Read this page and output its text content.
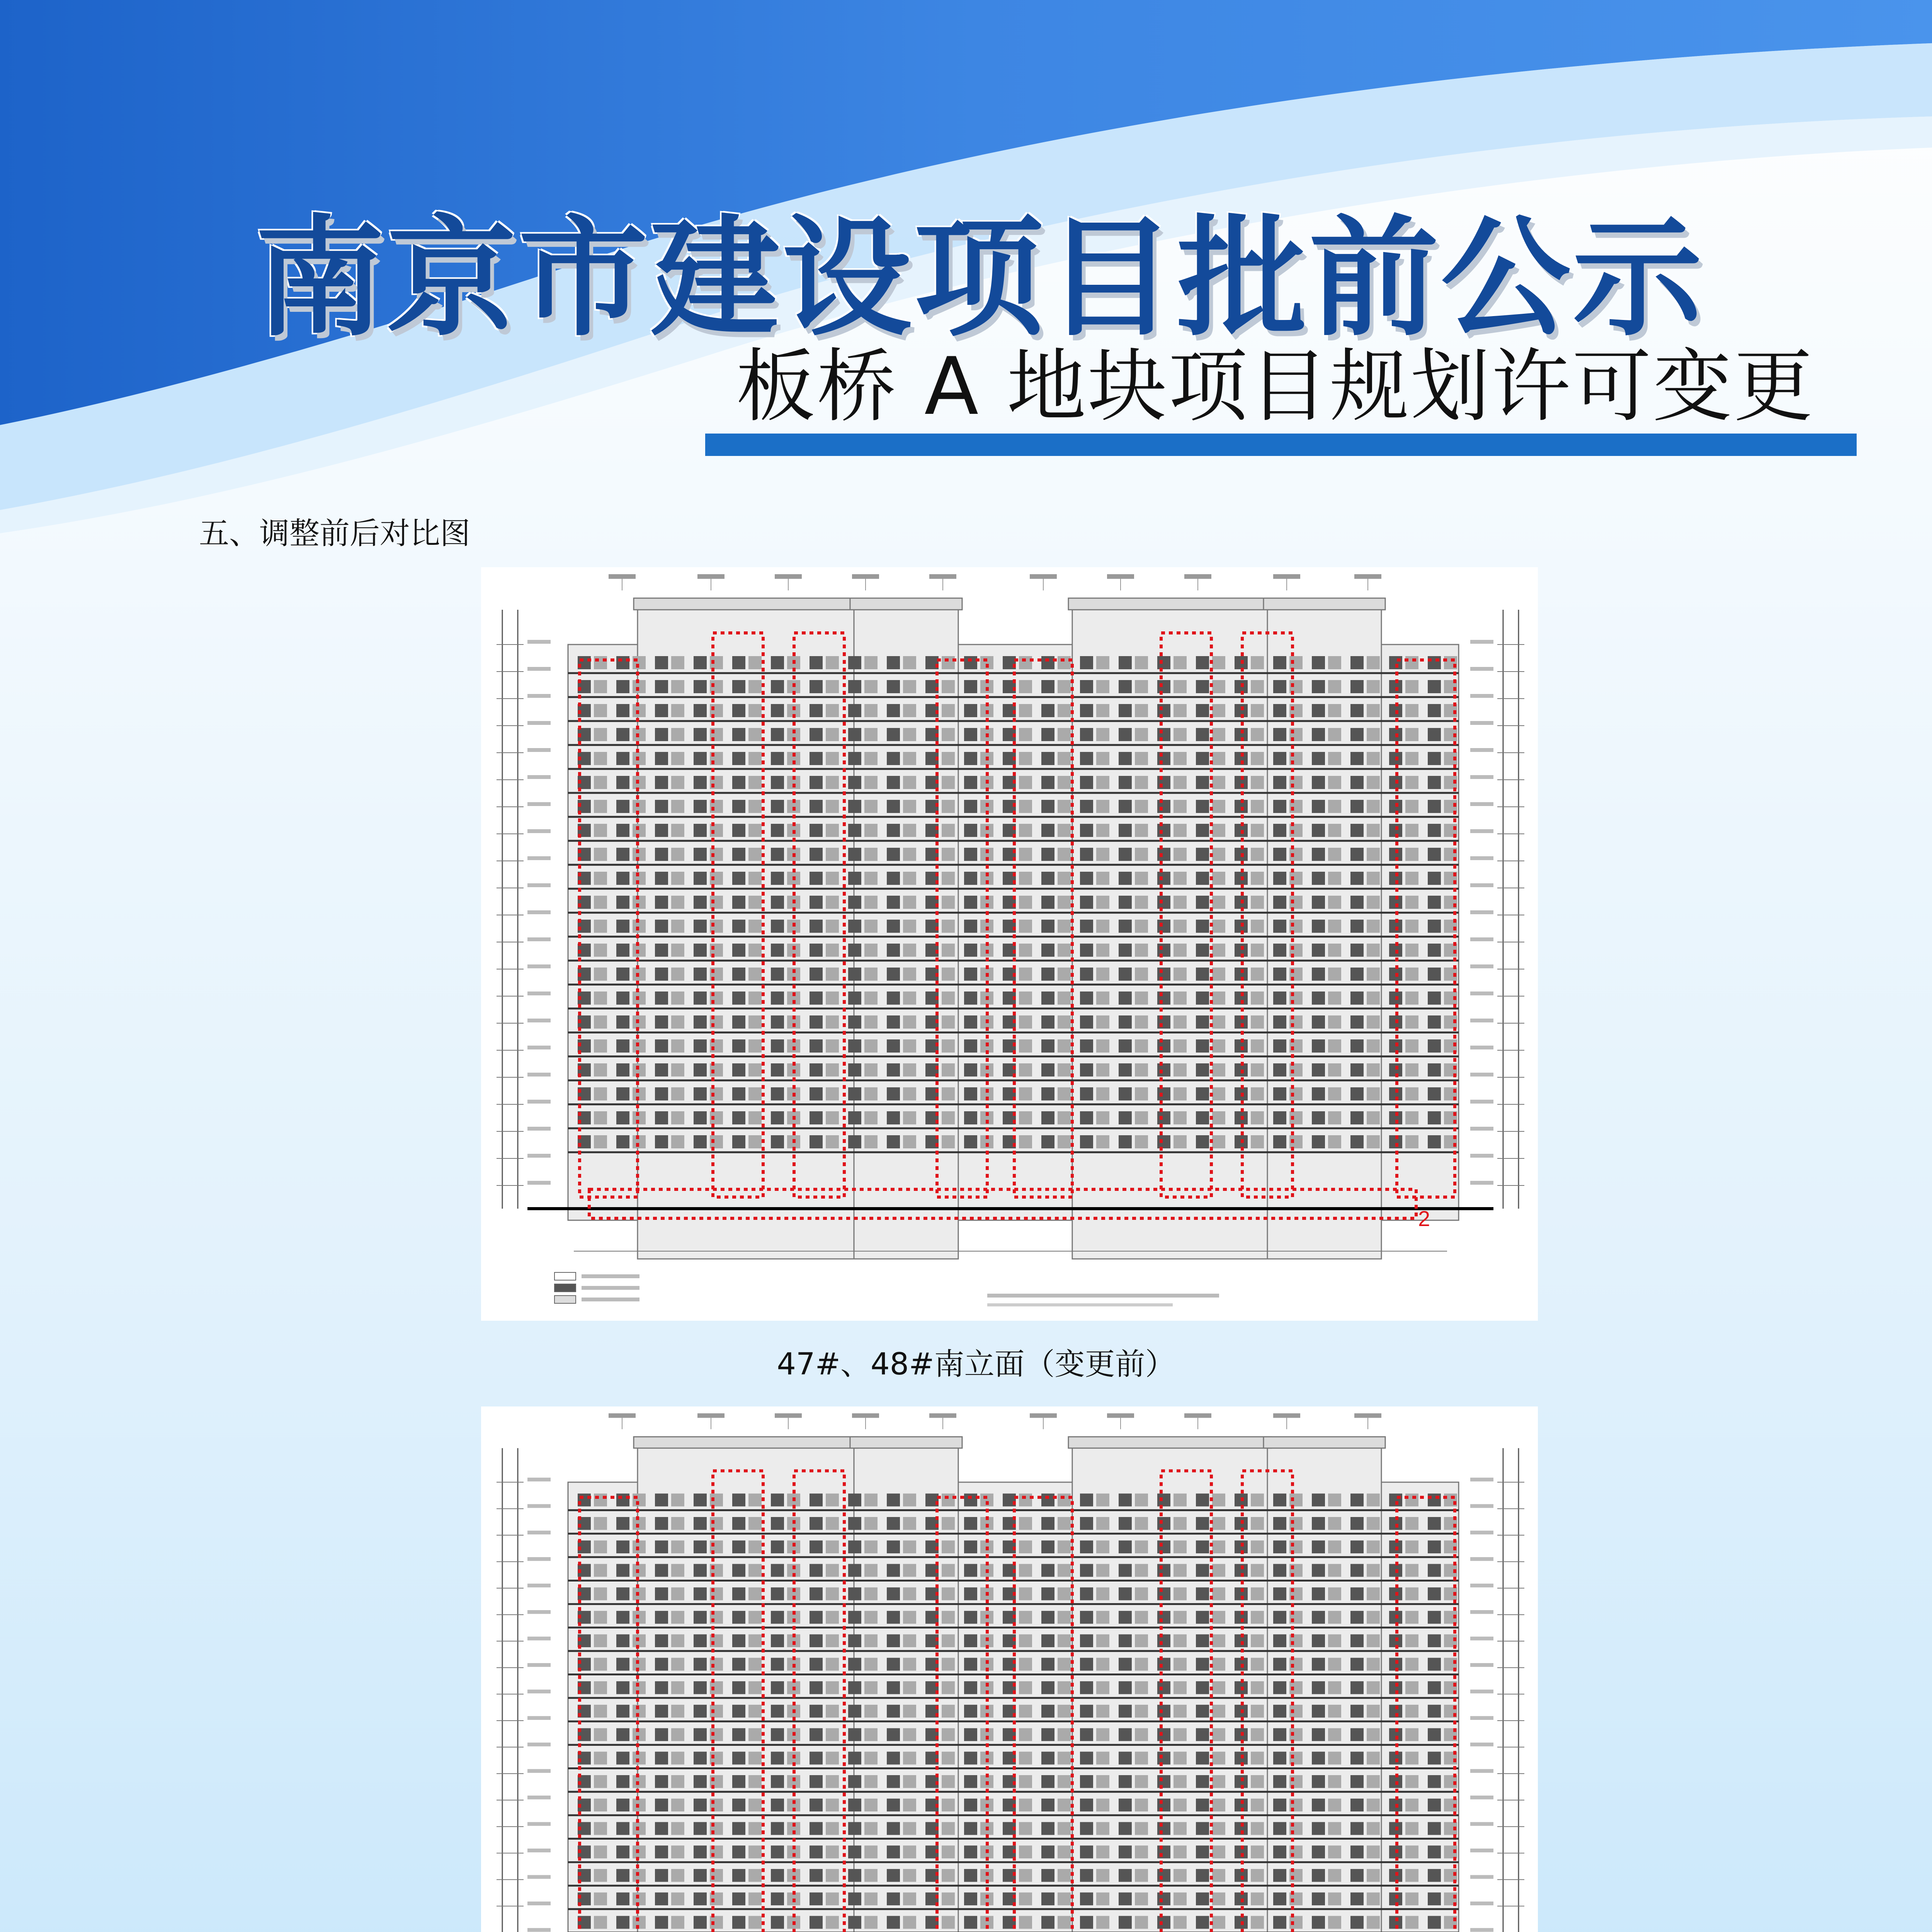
南京市建设项目批前公示
板桥 A 地块项目规划许可变更
五、调整前后对比图
2
47#、48#南立面（变更前）
